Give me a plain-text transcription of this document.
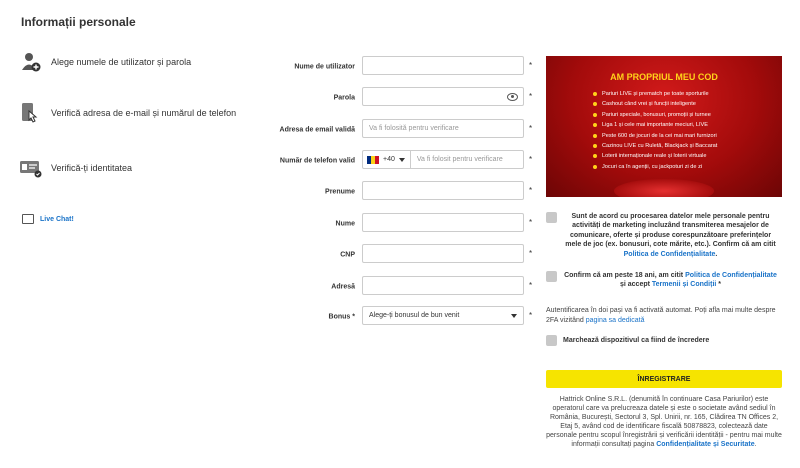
Informații personale
Alege numele de utilizator și parola
Verifică adresa de e-mail și numărul de telefon
Verifică-ți identitatea
Live Chat!
Nume de utilizator	*
Parola	*
Adresa de email validă	Va fi folosită pentru verificare	*
Număr de telefon valid	+40	Va fi folosit pentru verificare	*
Prenume	*
Nume	*
CNP	*
Adresă	*
Bonus * Alege-ți bonusul de bun venit	*
AM PROPRIUL MEU COD
Pariuri LIVE și prematch pe toate sporturile
Cashout când vrei și funcții inteligente
Pariuri speciale, bonusuri, promoții și turnee
Liga 1 și cele mai importante meciuri, LIVE
Peste 600 de jocuri de la cei mai mari furnizori
Cazinou LIVE cu Ruletă, Blackjack și Baccarat
Loterii internaționale reale și loterii virtuale
Jocuri ca în agenții, cu jackpoturi zi de zi
Sunt de acord cu procesarea datelor mele personale pentru activități de marketing incluzând transmiterea mesajelor de comunicare, oferte și produse corespunzătoare preferințelor mele de joc (ex. bonusuri, cote mărite, etc.). Confirm că am citit Politica de Confidențialitate.
Confirm că am peste 18 ani, am citit Politica de Confidențialitate și accept Termenii și Condiții *
Autentificarea în doi pași va fi activată automat. Poți afla mai multe despre 2FA vizitând pagina sa dedicată
Marchează dispozitivul ca fiind de încredere
ÎNREGISTRARE
Hattrick Online S.R.L. (denumită în continuare Casa Pariurilor) este operatorul care va prelucreaza datele și este o societate având sediul în România, București, Sectorul 3, Spl. Unirii, nr. 165, Clădirea TN Offices 2, Etaj 5, având cod de identificare fiscală 50878823, colectează date personale pentru scopul înregistrării și verificării identității - pentru mai multe informații consultați pagina Confidențialitate și Securitate.
